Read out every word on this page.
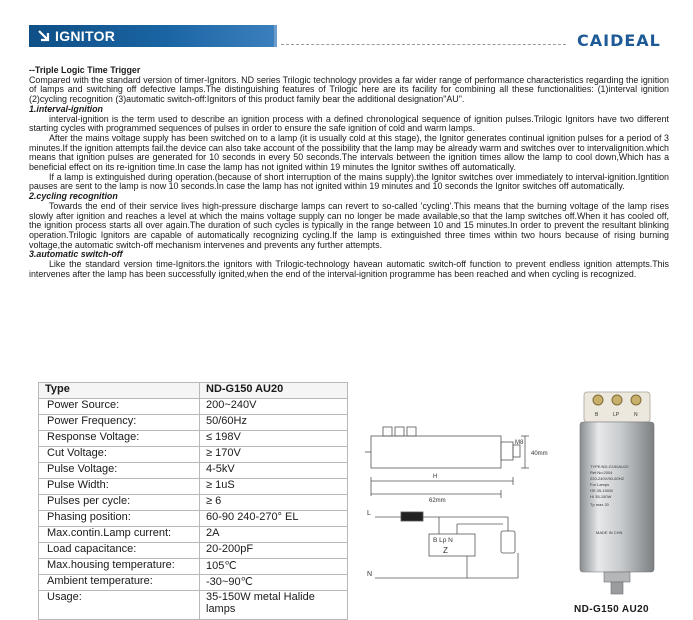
IGNITOR	CAIDEAL

--Triple Logic Time Trigger

Compared with the standard version of timer-Ignitors. ND series Trilogic technology provides a far wider range of performance characteristics regarding the ignition of lamps and switching off defective lamps.The distinguishing features of Trilogic here are its facility for combining all these functionalities: (1)interval ignition (2)cycling recognition (3)automatic switch-off:Ignitors of this product family bear the additional designation"AU".

1.interval-ignition

interval-ignition is the term used to describe an ignition process with a defined chronological sequence of ignition pulses.Trilogic Ignitors have two different starting cycles with programmed sequences of pulses in order to ensure the safe ignition of cold and warm lamps.

After the mains voltage supply has been switched on to a lamp (it is usually cold at this stage), the Ignitor generates continual ignition pulses for a period of 3 minutes.If the ignition attempts fail.the device can also take account of the possibility that the lamp may be already warm and switches over to intervalignition.which means that ignition pulses are generated for 10 seconds in every 50 seconds.The intervals between the ignition times allow the lamp to cool down,Which has a beneficial effect on its re-ignition time.In case the lamp has not ignited within 19 minutes the Ignitor swithes off automatically.

If a lamp is extinguished during operation.(because of short interruption of the mains supply).the Ignitor switches over immediately to interval-ignition.Igntition pauses are sent to the lamp is now 10 seconds.In case the lamp has not ignited within 19 minutes and 10 seconds the Ignitor switches off automatically.

2.cycling recognition

Towards the end of their service lives high-pressure discharge lamps can revert to so-called 'cycling'.This means that the burning voltage of the lamp rises slowly after ignition and reaches a level at which the mains voltage supply can no longer be made available,so that the lamp switches off.When it has cooled off, the ignition process starts all over again.The duration of such cycles is typically in the range between 10 and 15 minutes.In order to prevent the resultant blinking operation.Trilogic Ignitors are capable of automatically recognizing cycling.If the lamp is extinguished three times within two hours because of rising burning voltage,the automatic switch-off mechanism intervenes and prevents any further attempts.

3.automatic switch-off

Like the standard version time-Ignitors.the ignitors with Trilogic-technology havean automatic switch-off function to prevent endless ignition attempts.This intervenes after the lamp has been successfully ignited,when the end of the interval-ignition programme has been reached and when cycling is recognized.

Type	ND-G150 AU20
Power Source:	200~240V
Power Frequency:	50/60Hz
Response Voltage:	≤ 198V
Cut Voltage:	≥ 170V
Pulse Voltage:	4-5kV
Pulse Width:	≥ 1uS
Pulses per cycle:	≥ 6
Phasing position:	60-90 240-270° EL
Max.contin.Lamp current:	2A
Load capacitance:	20-200pF
Max.housing temperature:	105℃
Ambient temperature:	-30~90℃
Usage:	35-150W metal Halide lamps
H
62mm
40mm
M8
L
N
B Lp N
Z
B	LP	N
TYPE:ND-G150AU20
Ref.No:2004
220-240V/50-60HZ
For Lamps
HS 35-150W
HI 35-150W
Tp max 20
MADE IN CHN
ND-G150 AU20
